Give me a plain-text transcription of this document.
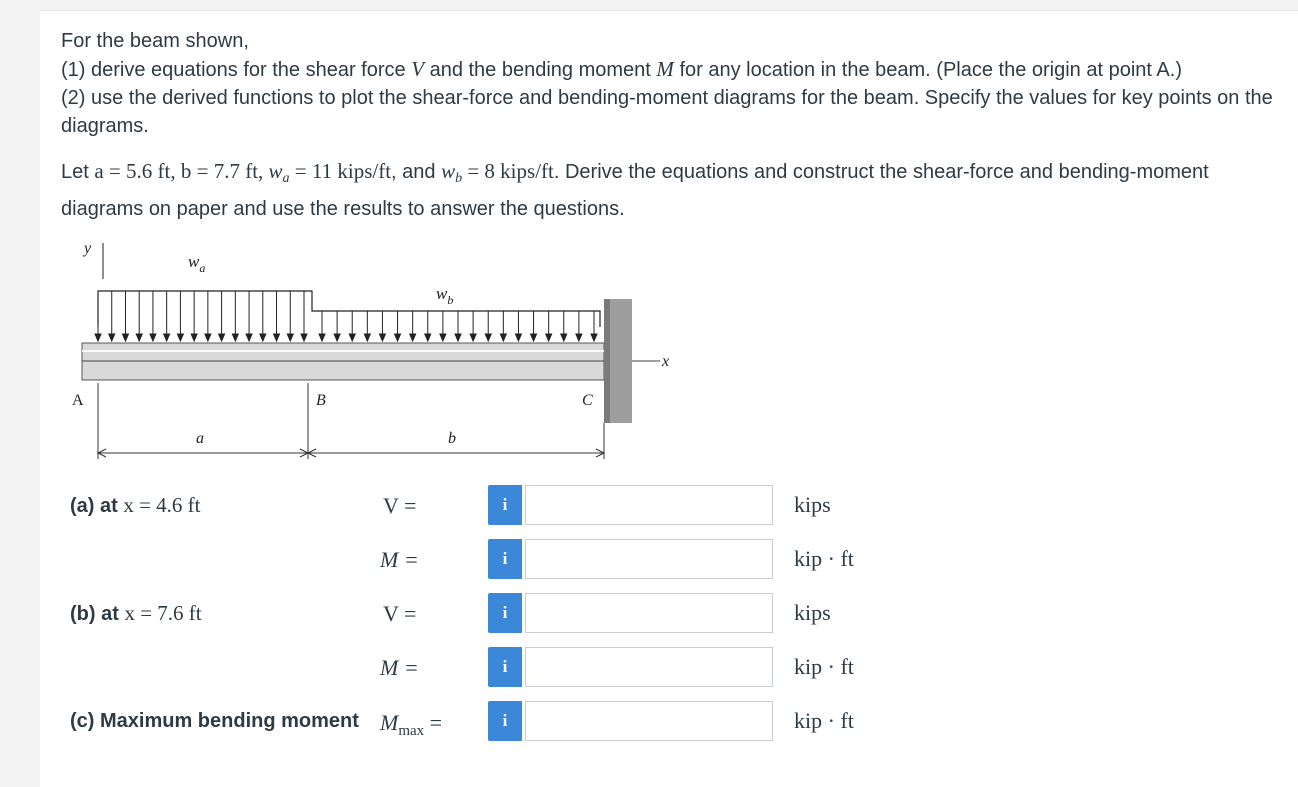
For the beam shown,
(1) derive equations for the shear force V and the bending moment M for any location in the beam. (Place the origin at point A.)
(2) use the derived functions to plot the shear-force and bending-moment diagrams for the beam. Specify the values for key points on the diagrams.
Let a = 5.6 ft, b = 7.7 ft, $w_a = 11$ kips/ft, and $w_b = 8$ kips/ft. Derive the equations and construct the shear-force and bending-moment diagrams on paper and use the results to answer the questions.
y
$w_a$
$w_b$
x
A	B	C
a	b
(a) at x = 4.6 ft	V =	i	kips
M =	i	kip · ft
(b) at x = 7.6 ft	V =	i	kips
M =	i	kip · ft
(c) Maximum bending moment $M_{max}$ =	i	kip · ft
